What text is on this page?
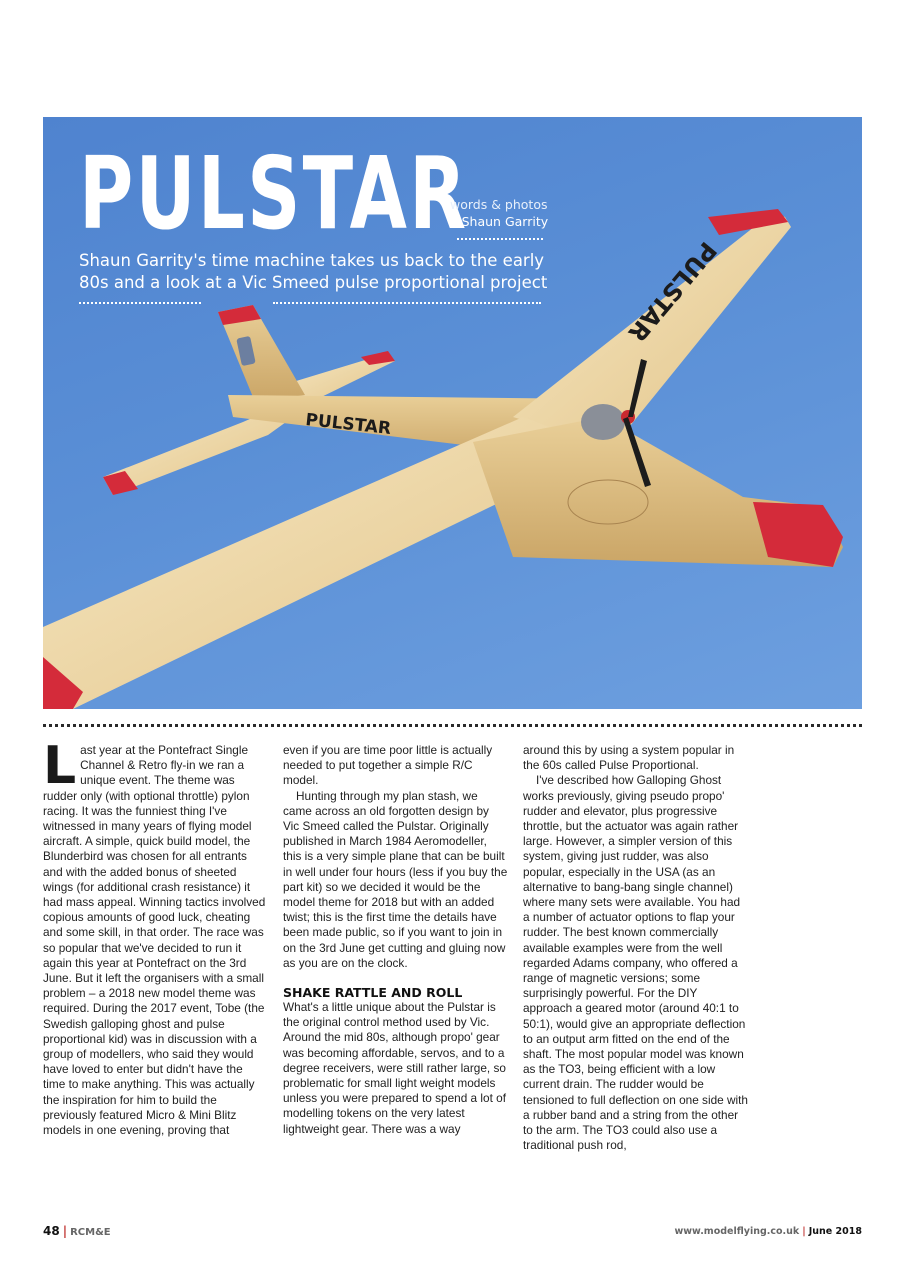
PULSTAR
PULSTAR
PULSTAR
words & photos
» Shaun Garrity
Shaun Garrity's time machine takes us back to the early
80s and a look at a Vic Smeed pulse proportional project

Last year at the Pontefract Single Channel & Retro fly-in we ran a unique event. The theme was rudder only (with optional throttle) pylon racing. It was the funniest thing I've witnessed in many years of flying model aircraft. A simple, quick build model, the Blunderbird was chosen for all entrants and with the added bonus of sheeted wings (for additional crash resistance) it had mass appeal. Winning tactics involved copious amounts of good luck, cheating and some skill, in that order. The race was so popular that we've decided to run it again this year at Pontefract on the 3rd June. But it left the organisers with a small problem – a 2018 new model theme was required. During the 2017 event, Tobe (the Swedish galloping ghost and pulse proportional kid) was in discussion with a group of modellers, who said they would have loved to enter but didn't have the time to make anything. This was actually the inspiration for him to build the previously featured Micro & Mini Blitz models in one evening, proving that

even if you are time poor little is actually needed to put together a simple R/C model.

Hunting through my plan stash, we came across an old forgotten design by Vic Smeed called the Pulstar. Originally published in March 1984 Aeromodeller, this is a very simple plane that can be built in well under four hours (less if you buy the part kit) so we decided it would be the model theme for 2018 but with an added twist; this is the first time the details have been made public, so if you want to join in on the 3rd June get cutting and gluing now as you are on the clock.

SHAKE RATTLE AND ROLL

What's a little unique about the Pulstar is the original control method used by Vic. Around the mid 80s, although propo' gear was becoming affordable, servos, and to a degree receivers, were still rather large, so problematic for small light weight models unless you were prepared to spend a lot of modelling tokens on the very latest lightweight gear. There was a way

around this by using a system popular in the 60s called Pulse Proportional.

I've described how Galloping Ghost works previously, giving pseudo propo' rudder and elevator, plus progressive throttle, but the actuator was again rather large. However, a simpler version of this system, giving just rudder, was also popular, especially in the USA (as an alternative to bang-bang single channel) where many sets were available. You had a number of actuator options to flap your rudder. The best known commercially available examples were from the well regarded Adams company, who offered a range of magnetic versions; some surprisingly powerful. For the DIY approach a geared motor (around 40:1 to 50:1), would give an appropriate deflection to an output arm fitted on the end of the shaft. The most popular model was known as the TO3, being efficient with a low current drain. The rudder would be tensioned to full deflection on one side with a rubber band and a string from the other to the arm. The TO3 could also use a traditional push rod,

48 | RCM&E	www.modelflying.co.uk | June 2018
